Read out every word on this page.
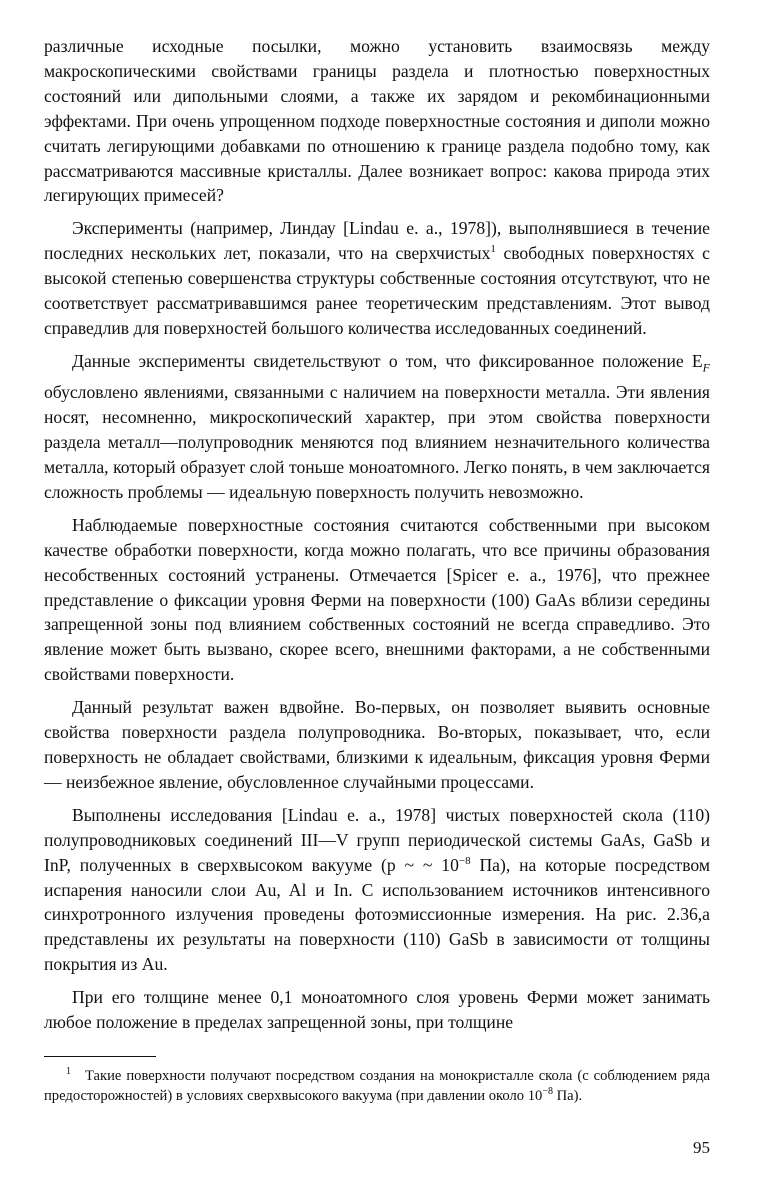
различные исходные посылки, можно установить взаимосвязь между макроскопическими свойствами границы раздела и плотностью поверхностных состояний или дипольными слоями, а также их зарядом и рекомбинационными эффектами. При очень упрощенном подходе поверхностные состояния и диполи можно считать легирующими добавками по отношению к границе раздела подобно тому, как рассматриваются массивные кристаллы. Далее возникает вопрос: какова природа этих легирующих примесей?

Эксперименты (например, Линдау [Lindau e. a., 1978]), выполнявшиеся в течение последних нескольких лет, показали, что на сверхчистых$^1$ свободных поверхностях с высокой степенью совершенства структуры собственные состояния отсутствуют, что не соответствует рассматривавшимся ранее теоретическим представлениям. Этот вывод справедлив для поверхностей большого количества исследованных соединений.

Данные эксперименты свидетельствуют о том, что фиксированное положение $E_F$ обусловлено явлениями, связанными с наличием на поверхности металла. Эти явления носят, несомненно, микроскопический характер, при этом свойства поверхности раздела металл—полупроводник меняются под влиянием незначительного количества металла, который образует слой тоньше моноатомного. Легко понять, в чем заключается сложность проблемы — идеальную поверхность получить невозможно.

Наблюдаемые поверхностные состояния считаются собственными при высоком качестве обработки поверхности, когда можно полагать, что все причины образования несобственных состояний устранены. Отмечается [Spicer e. a., 1976], что прежнее представление о фиксации уровня Ферми на поверхности (100) GaAs вблизи середины запрещенной зоны под влиянием собственных состояний не всегда справедливо. Это явление может быть вызвано, скорее всего, внешними факторами, а не собственными свойствами поверхности.

Данный результат важен вдвойне. Во-первых, он позволяет выявить основные свойства поверхности раздела полупроводника. Во-вторых, показывает, что, если поверхность не обладает свойствами, близкими к идеальным, фиксация уровня Ферми — неизбежное явление, обусловленное случайными процессами.

Выполнены исследования [Lindau e. a., 1978] чистых поверхностей скола (110) полупроводниковых соединений III—V групп периодической системы GaAs, GaSb и InP, полученных в сверхвысоком вакууме (p ~ ~ $10^{-8}$ Па), на которые посредством испарения наносили слои Au, Al и In. С использованием источников интенсивного синхротронного излучения проведены фотоэмиссионные измерения. На рис. 2.36,a представлены их результаты на поверхности (110) GaSb в зависимости от толщины покрытия из Au.

При его толщине менее 0,1 моноатомного слоя уровень Ферми может занимать любое положение в пределах запрещенной зоны, при толщине

$^1$ Такие поверхности получают посредством создания на монокристалле скола (с соблюдением ряда предосторожностей) в условиях сверхвысокого вакуума (при давлении около $10^{-8}$ Па).
95
